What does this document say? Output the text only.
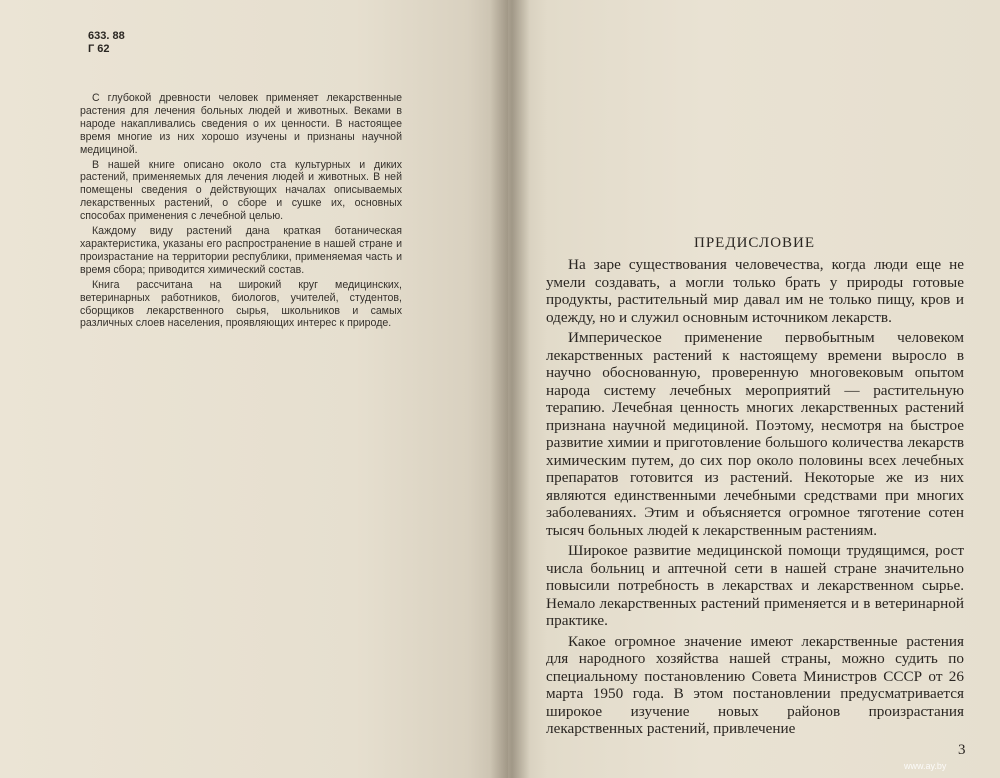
633. 88
Г 62

С глубокой древности человек применяет лекарственные растения для лечения больных людей и животных. Веками в народе накапливались сведения о их ценности. В настоящее время многие из них хорошо изучены и признаны научной медициной.

В нашей книге описано около ста культурных и диких растений, применяемых для лечения людей и животных. В ней помещены сведения о действующих началах описываемых лекарственных растений, о сборе и сушке их, основных способах применения с лечебной целью.

Каждому виду растений дана краткая ботаническая характеристика, указаны его распространение в нашей стране и произрастание на территории республики, применяемая часть и время сбора; приводится химический состав.

Книга рассчитана на широкий круг медицинских, ветеринарных работников, биологов, учителей, студентов, сборщиков лекарственного сырья, школьников и самых различных слоев населения, проявляющих интерес к природе.

ПРЕДИСЛОВИЕ

На заре существования человечества, когда люди еще не умели создавать, а могли только брать у природы готовые продукты, растительный мир давал им не только пищу, кров и одежду, но и служил основным источником лекарств.

Империческое применение первобытным человеком лекарственных растений к настоящему времени выросло в научно обоснованную, проверенную многовековым опытом народа систему лечебных мероприятий — растительную терапию. Лечебная ценность многих лекарственных растений признана научной медициной. Поэтому, несмотря на быстрое развитие химии и приготовление большого количества лекарств химическим путем, до сих пор около половины всех лечебных препаратов готовится из растений. Некоторые же из них являются единственными лечебными средствами при многих заболеваниях. Этим и объясняется огромное тяготение сотен тысяч больных людей к лекарственным растениям.

Широкое развитие медицинской помощи трудящимся, рост числа больниц и аптечной сети в нашей стране значительно повысили потребность в лекарствах и лекарственном сырье. Немало лекарственных растений применяется и в ветеринарной практике.

Какое огромное значение имеют лекарственные растения для народного хозяйства нашей страны, можно судить по специальному постановлению Совета Министров СССР от 26 марта 1950 года. В этом постановлении предусматривается широкое изучение новых районов произрастания лекарственных растений, привлечение

3
www.ay.by
